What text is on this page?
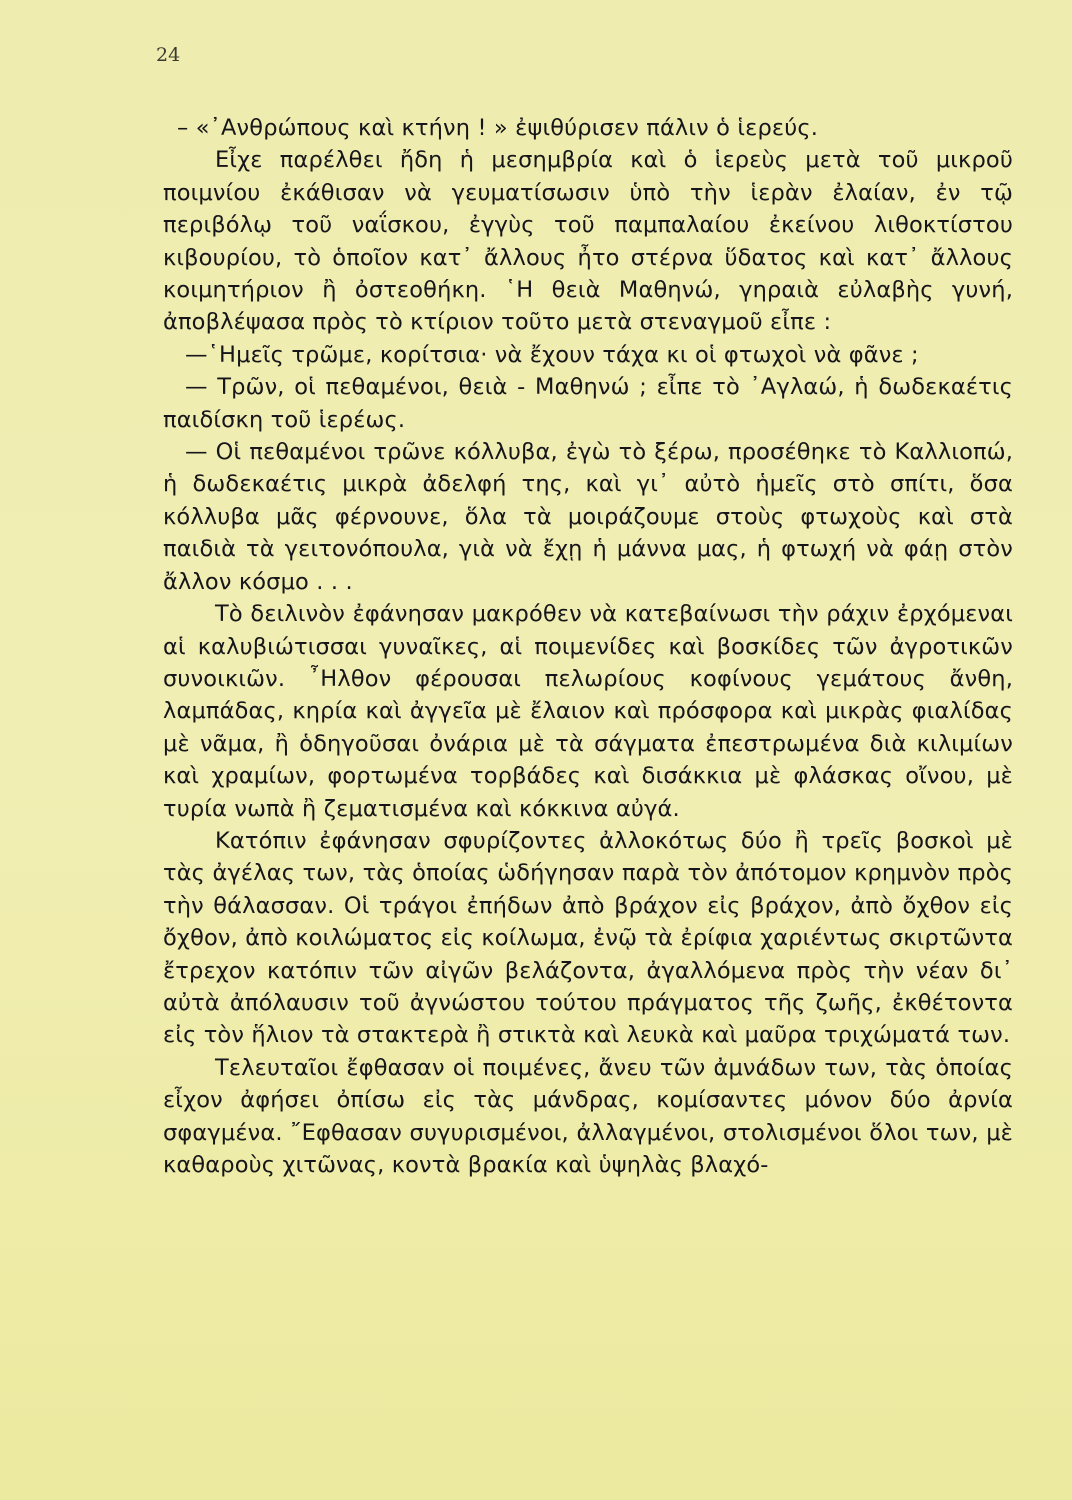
24

– «᾿Ανθρώπους καὶ κτήνη ! » ἐψιθύρισεν πάλιν ὁ ἱερεύς.

Εἶχε παρέλθει ἤδη ἡ μεσημβρία καὶ ὁ ἱερεὺς μετὰ τοῦ μικροῦ ποιμνίου ἐκάθισαν νὰ γευματίσωσιν ὑπὸ τὴν ἱερὰν ἐλαίαν, ἐν τῷ περιβόλῳ τοῦ ναΐσκου, ἐγγὺς τοῦ παμπαλαίου ἐκείνου λιθοκτίστου κιβουρίου, τὸ ὁποῖον κατ᾿ ἄλλους ἦτο στέρνα ὕδατος καὶ κατ᾿ ἄλλους κοιμητήριον ἢ ὀστεοθήκη. ῾Η θειὰ Μαθηνώ, γηραιὰ εὐλαβὴς γυνή, ἀποβλέψασα πρὸς τὸ κτίριον τοῦτο μετὰ στεναγμοῦ εἶπε :

—῾Ημεῖς τρῶμε, κορίτσια· νὰ ἔχουν τάχα κι οἱ φτωχοὶ νὰ φᾶνε ;

— Τρῶν, οἱ πεθαμένοι, θειὰ - Μαθηνώ ; εἶπε τὸ ᾿Αγλαώ, ἡ δωδεκαέτις παιδίσκη τοῦ ἱερέως.

— Οἱ πεθαμένοι τρῶνε κόλλυβα, ἐγὼ τὸ ξέρω, προσέθηκε τὸ Καλλιοπώ, ἡ δωδεκαέτις μικρὰ ἀδελφή της, καὶ γι᾿ αὐτὸ ἡμεῖς στὸ σπίτι, ὅσα κόλλυβα μᾶς φέρνουνε, ὅλα τὰ μοιράζουμε στοὺς φτωχοὺς καὶ στὰ παιδιὰ τὰ γειτονόπουλα, γιὰ νὰ ἔχῃ ἡ μάννα μας, ἡ φτωχή νὰ φάῃ στὸν ἄλλον κόσμο . . .

Τὸ δειλινὸν ἐφάνησαν μακρόθεν νὰ κατεβαίνωσι τὴν ράχιν ἐρχόμεναι αἱ καλυβιώτισσαι γυναῖκες, αἱ ποιμενίδες καὶ βοσκίδες τῶν ἀγροτικῶν συνοικιῶν. ῏Ηλθον φέρουσαι πελωρίους κοφίνους γεμάτους ἄνθη, λαμπάδας, κηρία καὶ ἀγγεῖα μὲ ἔλαιον καὶ πρόσφορα καὶ μικρὰς φιαλίδας μὲ νᾶμα, ἢ ὁδηγοῦσαι ὀνάρια μὲ τὰ σάγματα ἐπεστρωμένα διὰ κιλιμίων καὶ χραμίων, φορτωμένα τορβάδες καὶ δισάκκια μὲ φλάσκας οἴνου, μὲ τυρία νωπὰ ἢ ζεματισμένα καὶ κόκκινα αὐγά.

Κατόπιν ἐφάνησαν σφυρίζοντες ἀλλοκότως δύο ἢ τρεῖς βοσκοὶ μὲ τὰς ἀγέλας των, τὰς ὁποίας ὡδήγησαν παρὰ τὸν ἀπότομον κρημνὸν πρὸς τὴν θάλασσαν. Οἱ τράγοι ἐπήδων ἀπὸ βράχον εἰς βράχον, ἀπὸ ὄχθον εἰς ὄχθον, ἀπὸ κοιλώματος εἰς κοίλωμα, ἐνῷ τὰ ἐρίφια χαριέντως σκιρτῶντα ἔτρεχον κατόπιν τῶν αἰγῶν βελάζοντα, ἀγαλλόμενα πρὸς τὴν νέαν δι᾿ αὐτὰ ἀπόλαυσιν τοῦ ἀγνώστου τούτου πράγματος τῆς ζωῆς, ἐκθέτοντα εἰς τὸν ἥλιον τὰ στακτερὰ ἢ στικτὰ καὶ λευκὰ καὶ μαῦρα τριχώματά των.

Τελευταῖοι ἔφθασαν οἱ ποιμένες, ἄνευ τῶν ἀμνάδων των, τὰς ὁποίας εἶχον ἀφήσει ὀπίσω εἰς τὰς μάνδρας, κομίσαντες μόνον δύο ἀρνία σφαγμένα. ῎Εφθασαν συγυρισμένοι, ἀλλαγμένοι, στολισμένοι ὅλοι των, μὲ καθαροὺς χιτῶνας, κοντὰ βρακία καὶ ὑψηλὰς βλαχό-
